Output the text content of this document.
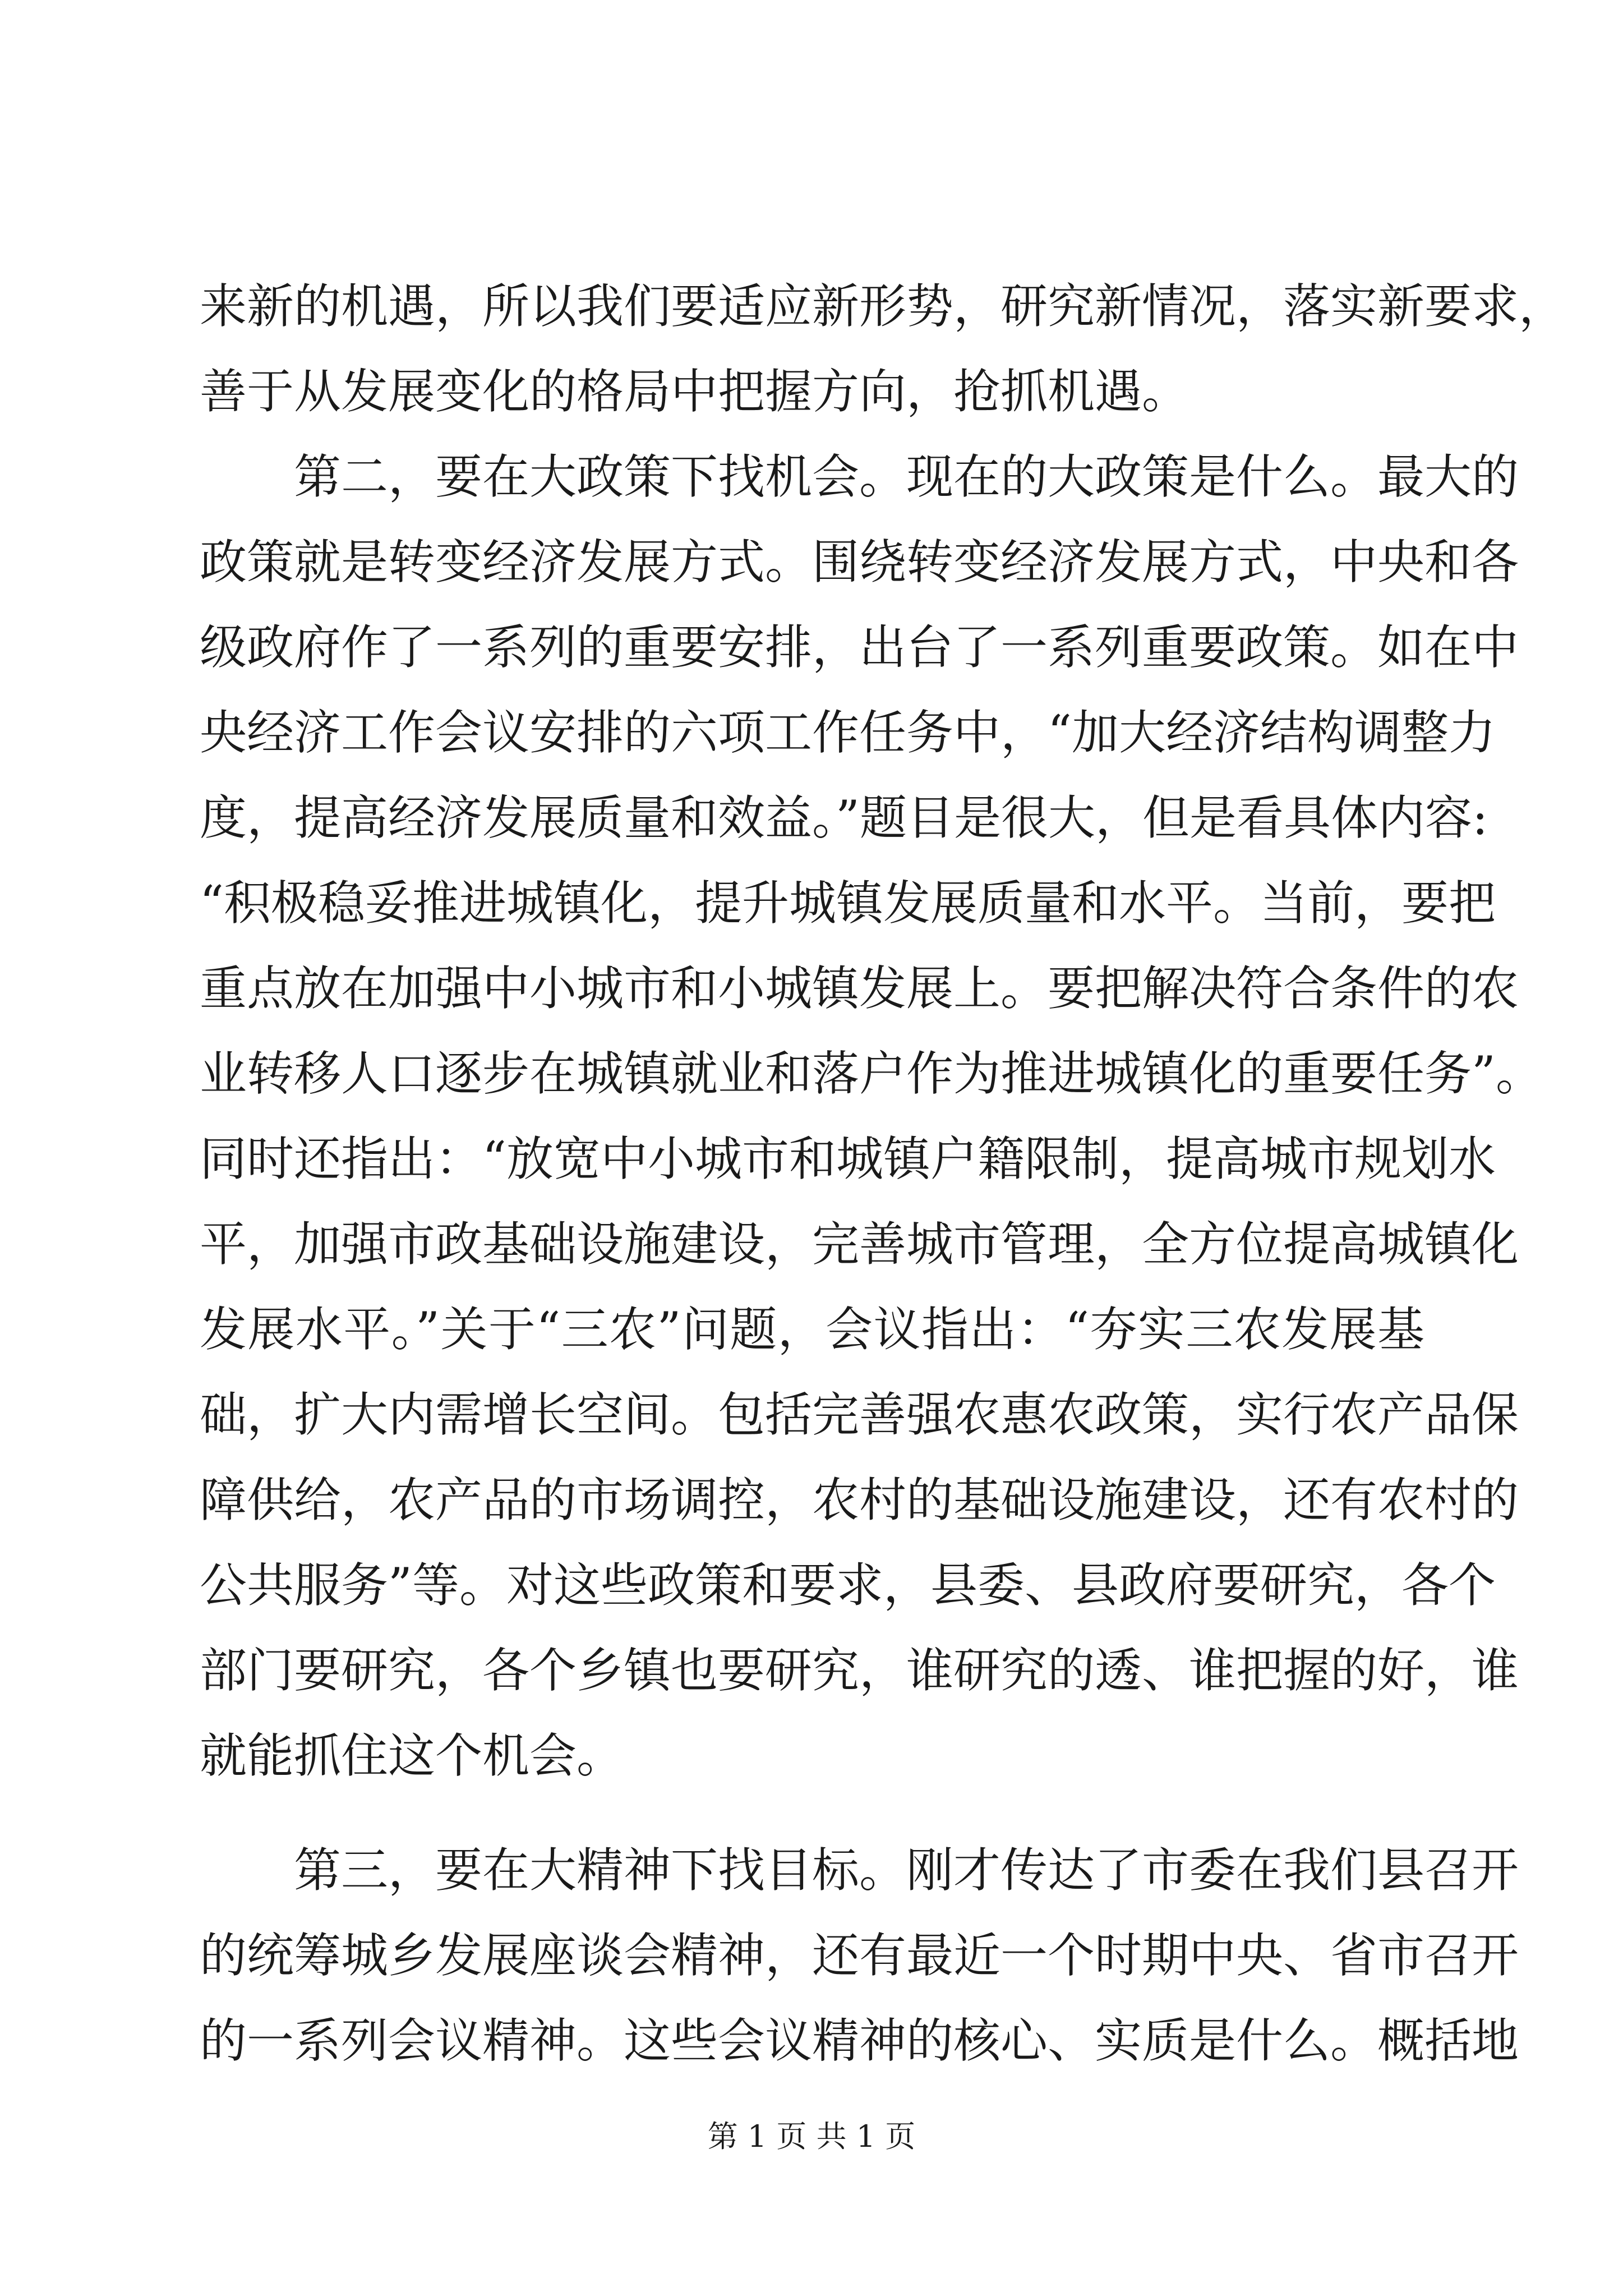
来新的机遇，所以我们要适应新形势，研究新情况，落实新要求，
善于从发展变化的格局中把握方向，抢抓机遇。
第二，要在大政策下找机会。现在的大政策是什么。最大的
政策就是转变经济发展方式。围绕转变经济发展方式，中央和各
级政府作了一系列的重要安排，出台了一系列重要政策。如在中
央经济工作会议安排的六项工作任务中，“加大经济结构调整力
度，提高经济发展质量和效益。”题目是很大，但是看具体内容:
“积极稳妥推进城镇化，提升城镇发展质量和水平。当前，要把
重点放在加强中小城市和小城镇发展上。要把解决符合条件的农
业转移人口逐步在城镇就业和落户作为推进城镇化的重要任务”。
同时还指出：“放宽中小城市和城镇户籍限制，提高城市规划水
平，加强市政基础设施建设，完善城市管理，全方位提高城镇化
发展水平。”关于“三农”问题，会议指出：“夯实三农发展基
础，扩大内需增长空间。包括完善强农惠农政策，实行农产品保
障供给，农产品的市场调控，农村的基础设施建设，还有农村的
公共服务”等。对这些政策和要求，县委、县政府要研究，各个
部门要研究，各个乡镇也要研究，谁研究的透、谁把握的好，谁
就能抓住这个机会。
第三，要在大精神下找目标。刚才传达了市委在我们县召开
的统筹城乡发展座谈会精神，还有最近一个时期中央、省市召开
的一系列会议精神。这些会议精神的核心、实质是什么。概括地
第 1 页 共 1 页
